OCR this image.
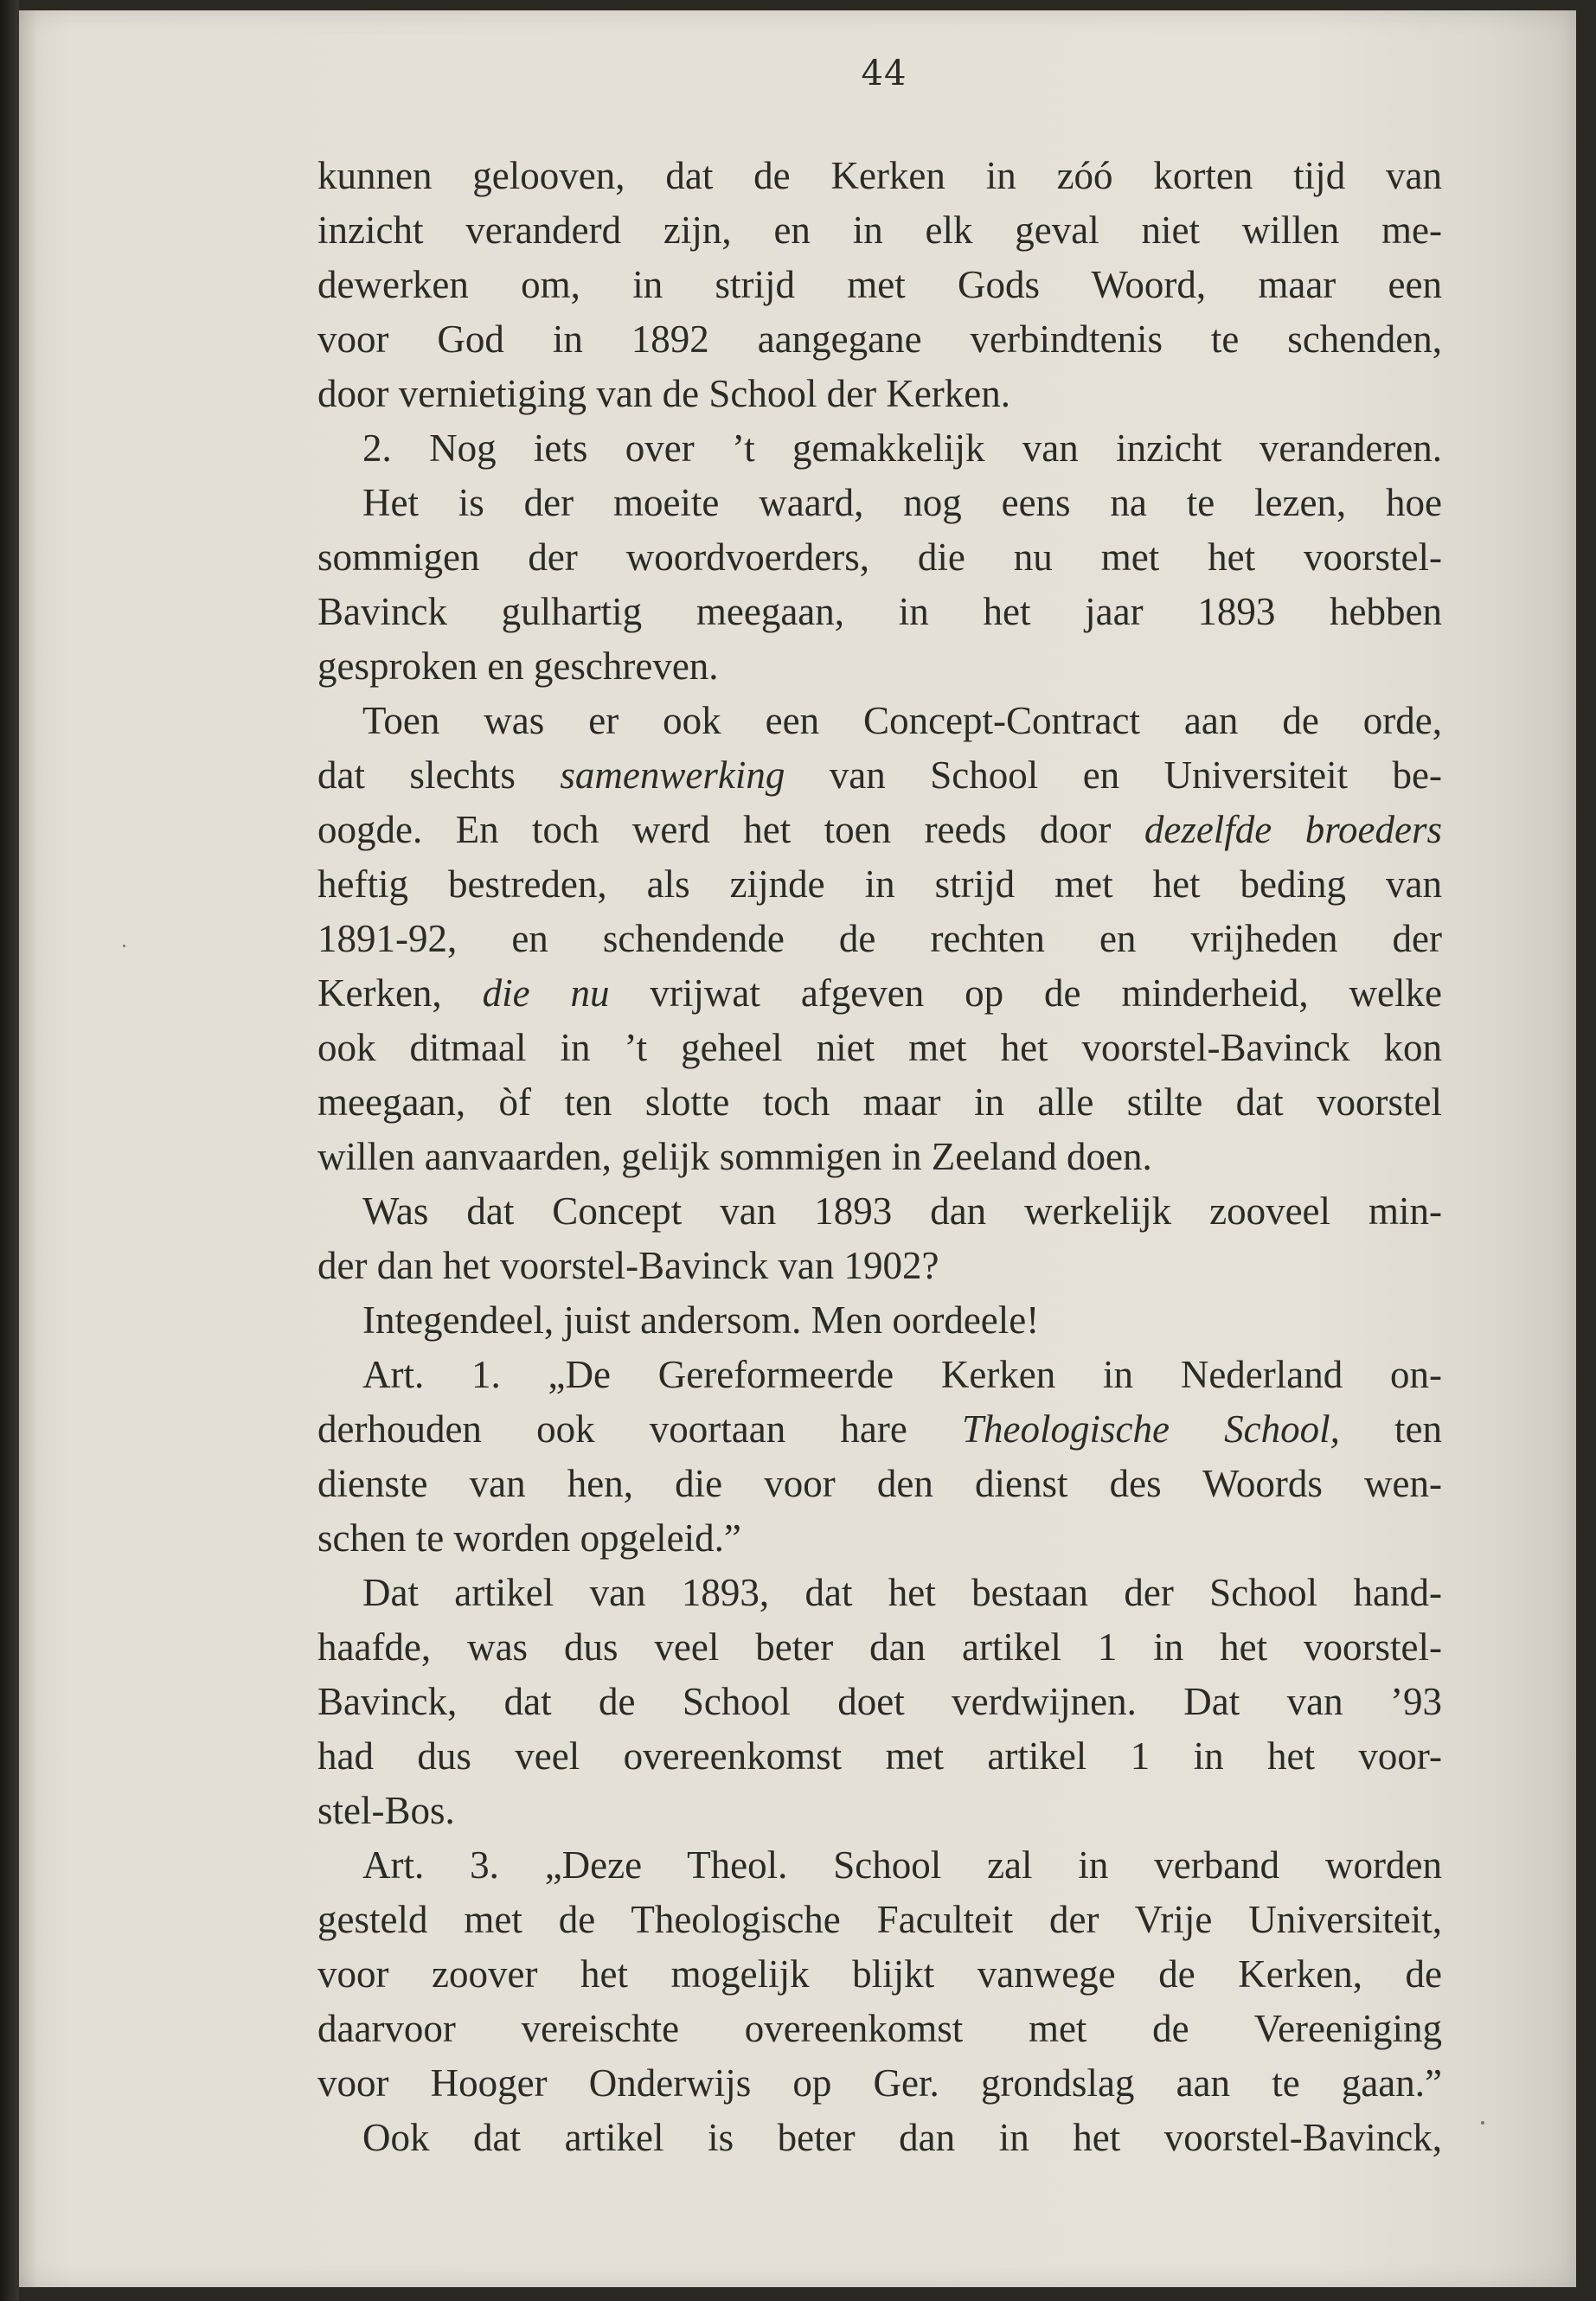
44
kunnen gelooven, dat de Kerken in zóó korten tijd van
inzicht veranderd zijn, en in elk geval niet willen me-
dewerken om, in strijd met Gods Woord, maar een
voor God in 1892 aangegane verbindtenis te schenden,
door vernietiging van de School der Kerken.
2. Nog iets over ’t gemakkelijk van inzicht veranderen.
Het is der moeite waard, nog eens na te lezen, hoe
sommigen der woordvoerders, die nu met het voorstel-
Bavinck gulhartig meegaan, in het jaar 1893 hebben
gesproken en geschreven.
Toen was er ook een Concept-Contract aan de orde,
dat slechts samenwerking van School en Universiteit be-
oogde. En toch werd het toen reeds door dezelfde broeders
heftig bestreden, als zijnde in strijd met het beding van
1891-92, en schendende de rechten en vrijheden der
Kerken, die nu vrijwat afgeven op de minderheid, welke
ook ditmaal in ’t geheel niet met het voorstel-Bavinck kon
meegaan, òf ten slotte toch maar in alle stilte dat voorstel
willen aanvaarden, gelijk sommigen in Zeeland doen.
Was dat Concept van 1893 dan werkelijk zooveel min-
der dan het voorstel-Bavinck van 1902?
Integendeel, juist andersom. Men oordeele!
Art. 1. „De Gereformeerde Kerken in Nederland on-
derhouden ook voortaan hare Theologische School, ten
dienste van hen, die voor den dienst des Woords wen-
schen te worden opgeleid.”
Dat artikel van 1893, dat het bestaan der School hand-
haafde, was dus veel beter dan artikel 1 in het voorstel-
Bavinck, dat de School doet verdwijnen. Dat van ’93
had dus veel overeenkomst met artikel 1 in het voor-
stel-Bos.
Art. 3. „Deze Theol. School zal in verband worden
gesteld met de Theologische Faculteit der Vrije Universiteit,
voor zoover het mogelijk blijkt vanwege de Kerken, de
daarvoor vereischte overeenkomst met de Vereeniging
voor Hooger Onderwijs op Ger. grondslag aan te gaan.”
Ook dat artikel is beter dan in het voorstel-Bavinck,
